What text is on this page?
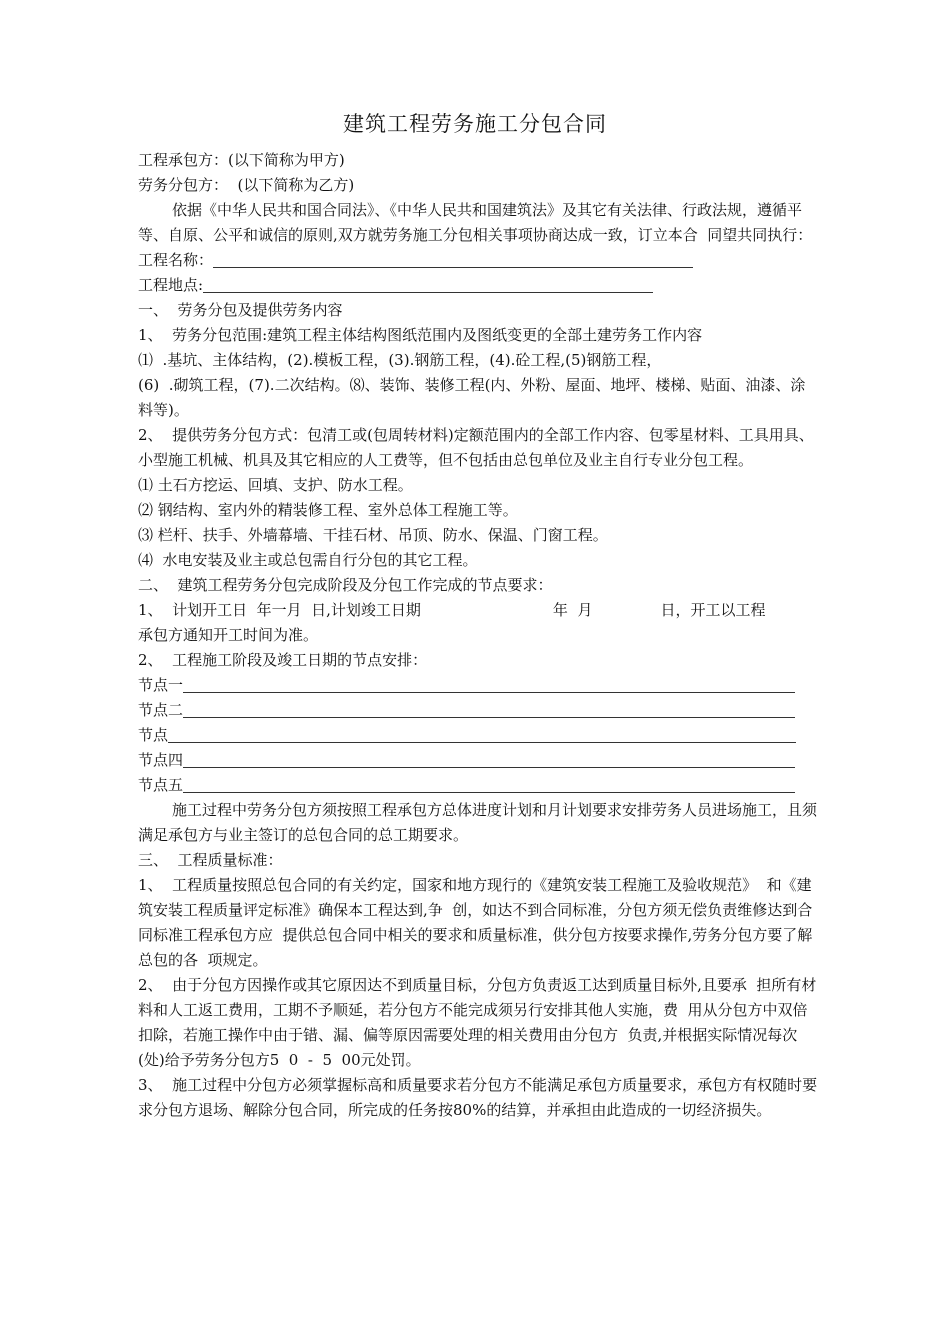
建筑工程劳务施工分包合同

工程承包方：(以下简称为甲方)

劳务分包方：  (以下简称为乙方)

依据《中华人民共和国合同法》、《中华人民共和国建筑法》及其它有关法律、行政法规，遵循平等、自原、公平和诚信的原则,双方就劳务施工分包相关事项协商达成一致，订立本合  同望共同执行：

工程名称：
工程地点:

一、  劳务分包及提供劳务内容

1、  劳务分包范围:建筑工程主体结构图纸范围内及图纸变更的全部土建劳务工作内容

⑴  .基坑、主体结构，(2).模板工程，(3).钢筋工程，(4).砼工程,(5)钢筋工程，

(6)  .砌筑工程，(7).二次结构。⑻、装饰、装修工程(内、外粉、屋面、地坪、楼梯、贴面、油漆、涂料等)。

2、  提供劳务分包方式：包清工或(包周转材料)定额范围内的全部工作内容、包零星材料、工具用具、小型施工机械、机具及其它相应的人工费等，但不包括由总包单位及业主自行专业分包工程。

⑴ 土石方挖运、回填、支护、防水工程。

⑵ 钢结构、室内外的精装修工程、室外总体工程施工等。

⑶ 栏杆、扶手、外墙幕墙、干挂石材、吊顶、防水、保温、门窗工程。

⑷  水电安装及业主或总包需自行分包的其它工程。

二、  建筑工程劳务分包完成阶段及分包工作完成的节点要求：

1、  计划开工日  年一月  日,计划竣工日期	年  月	日，开工以工程

承包方通知开工时间为准。

2、  工程施工阶段及竣工日期的节点安排：

节点一
节点二
节点
节点四
节点五

施工过程中劳务分包方须按照工程承包方总体进度计划和月计划要求安排劳务人员进场施工，且须满足承包方与业主签订的总包合同的总工期要求。

三、  工程质量标准：

1、  工程质量按照总包合同的有关约定，国家和地方现行的《建筑安装工程施工及验收规范》  和《建筑安装工程质量评定标准》确保本工程达到,争  创，如达不到合同标准，分包方须无偿负责维修达到合同标准工程承包方应  提供总包合同中相关的要求和质量标准，供分包方按要求操作,劳务分包方要了解总包的各  项规定。

2、  由于分包方因操作或其它原因达不到质量目标，分包方负责返工达到质量目标外,且要承  担所有材料和人工返工费用，工期不予顺延，若分包方不能完成须另行安排其他人实施，费  用从分包方中双倍扣除，若施工操作中由于错、漏、偏等原因需要处理的相关费用由分包方  负责,并根据实际情况每次(处)给予劳务分包方5  0  -  5  00元处罚。

3、  施工过程中分包方必须掌握标高和质量要求若分包方不能满足承包方质量要求，承包方有权随时要求分包方退场、解除分包合同，所完成的任务按80%的结算，并承担由此造成的一切经济损失。
